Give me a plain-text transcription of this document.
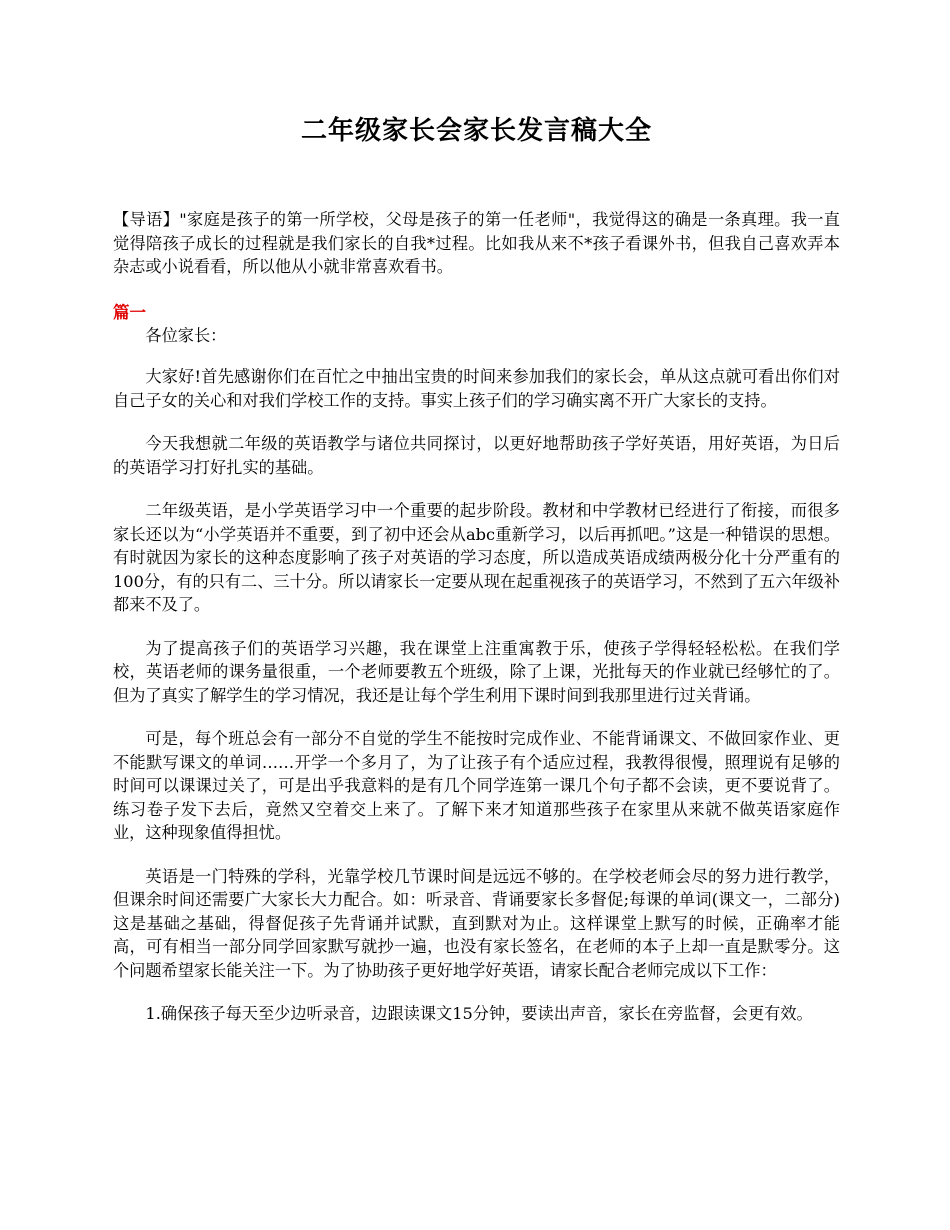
二年级家长会家长发言稿大全

【导语】"家庭是孩子的第一所学校，父母是孩子的第一任老师"，我觉得这的确是一条真理。我一直觉得陪孩子成长的过程就是我们家长的自我*过程。比如我从来不*孩子看课外书，但我自己喜欢弄本杂志或小说看看，所以他从小就非常喜欢看书。

篇一

各位家长：

大家好!首先感谢你们在百忙之中抽出宝贵的时间来参加我们的家长会，单从这点就可看出你们对自己子女的关心和对我们学校工作的支持。事实上孩子们的学习确实离不开广大家长的支持。

今天我想就二年级的英语教学与诸位共同探讨，以更好地帮助孩子学好英语，用好英语，为日后的英语学习打好扎实的基础。

二年级英语，是小学英语学习中一个重要的起步阶段。教材和中学教材已经进行了衔接，而很多家长还以为“小学英语并不重要，到了初中还会从abc重新学习，以后再抓吧。”这是一种错误的思想。有时就因为家长的这种态度影响了孩子对英语的学习态度，所以造成英语成绩两极分化十分严重有的100分，有的只有二、三十分。所以请家长一定要从现在起重视孩子的英语学习，不然到了五六年级补都来不及了。

为了提高孩子们的英语学习兴趣，我在课堂上注重寓教于乐，使孩子学得轻轻松松。在我们学校，英语老师的课务量很重，一个老师要教五个班级，除了上课，光批每天的作业就已经够忙的了。但为了真实了解学生的学习情况，我还是让每个学生利用下课时间到我那里进行过关背诵。

可是，每个班总会有一部分不自觉的学生不能按时完成作业、不能背诵课文、不做回家作业、更不能默写课文的单词……开学一个多月了，为了让孩子有个适应过程，我教得很慢，照理说有足够的时间可以课课过关了，可是出乎我意料的是有几个同学连第一课几个句子都不会读，更不要说背了。练习卷子发下去后，竟然又空着交上来了。了解下来才知道那些孩子在家里从来就不做英语家庭作业，这种现象值得担忧。

英语是一门特殊的学科，光靠学校几节课时间是远远不够的。在学校老师会尽的努力进行教学，但课余时间还需要广大家长大力配合。如：听录音、背诵要家长多督促;每课的单词(课文一，二部分)这是基础之基础，得督促孩子先背诵并试默，直到默对为止。这样课堂上默写的时候，正确率才能高，可有相当一部分同学回家默写就抄一遍，也没有家长签名，在老师的本子上却一直是默零分。这个问题希望家长能关注一下。为了协助孩子更好地学好英语，请家长配合老师完成以下工作：

1.确保孩子每天至少边听录音，边跟读课文15分钟，要读出声音，家长在旁监督，会更有效。
